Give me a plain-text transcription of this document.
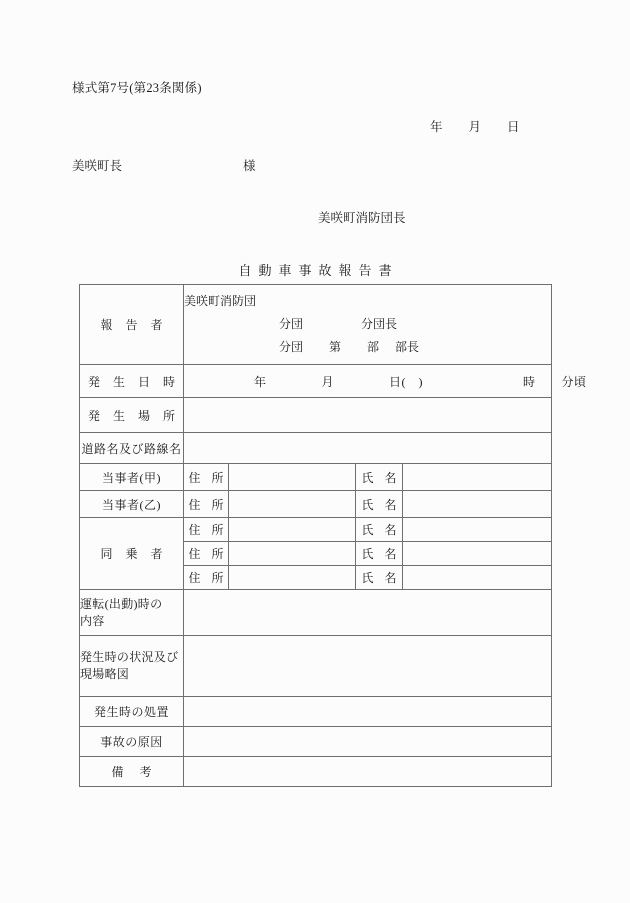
様式第7号(第23条関係)
年 月 日
美咲町長	様
美咲町消防団長
自動車事故報告書
報 告 者	美咲町消防団
分団 分団長
分団 第 部 部長			

発 生 日 時	年 月 日(　) 時 分頃			

発 生 場 所				
道路名及び路線名				
当事者(甲)	住 所		氏 名	
当事者(乙)	住 所		氏 名	
同 乗 者	住 所		氏 名	
	住 所		氏 名	
	住 所		氏 名	
運転(出動)時の
内容				
発生時の状況及び
現場略図				
発生時の処置				
事故の原因				
備考				
